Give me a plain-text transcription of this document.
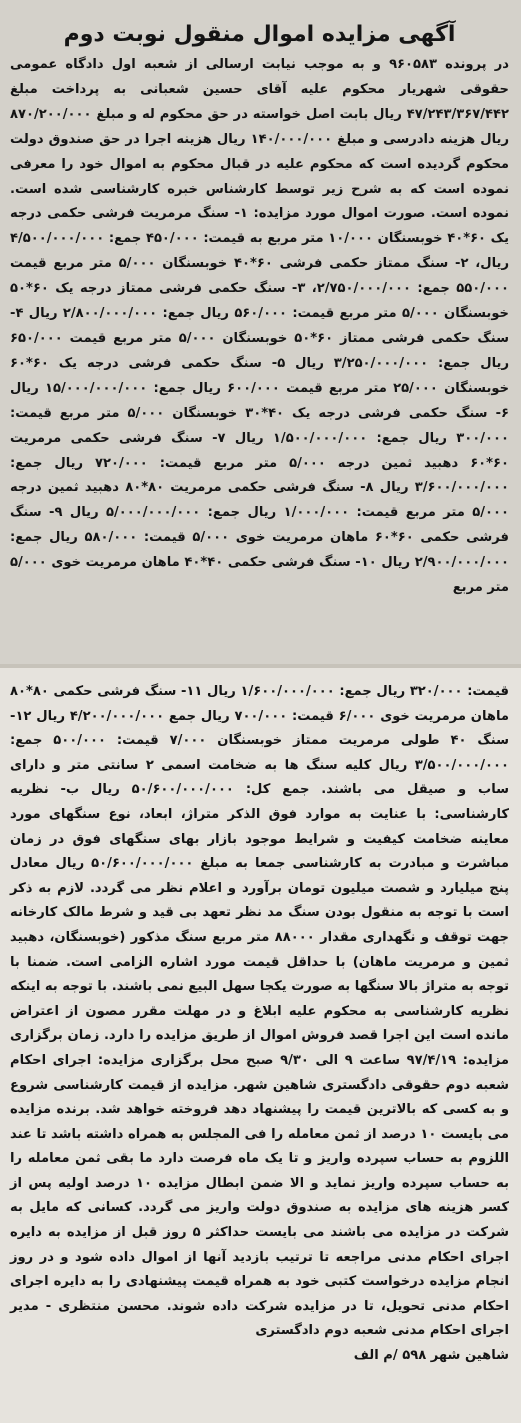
آگهی مزایده اموال منقول نوبت دوم

در پرونده ۹۶۰۵۸۳ و به موجب نیابت ارسالی از شعبه اول دادگاه عمومی حقوقی شهریار محکوم علیه آقای حسین شعبانی به پرداخت مبلغ ۴۷/۲۴۳/۳۶۷/۴۴۲ ریال بابت اصل خواسته در حق محکوم له و مبلغ ۸۷۰/۲۰۰/۰۰۰ ریال هزینه دادرسی و مبلغ ۱۴۰/۰۰۰/۰۰۰ ریال هزینه اجرا در حق صندوق دولت محکوم گردیده است که محکوم علیه در قبال محکوم به اموال خود را معرفی نموده است که به شرح زیر توسط کارشناس خبره کارشناسی شده است. نموده است. صورت اموال مورد مزایده: ۱- سنگ مرمریت فرشی حکمی درجه یک ۶۰*۴۰ خوبسنگان ۱۰/۰۰۰ متر مربع به قیمت: ۴۵۰/۰۰۰ جمع: ۴/۵۰۰/۰۰۰/۰۰۰ ریال، ۲- سنگ ممتاز حکمی فرشی ۶۰*۴۰ خوبسنگان ۵/۰۰۰ متر مربع قیمت ۵۵۰/۰۰۰ جمع: ۲/۷۵۰/۰۰۰/۰۰۰، ۳- سنگ حکمی فرشی ممتاز درجه یک ۶۰*۵۰ خوبسنگان ۵/۰۰۰ متر مربع قیمت: ۵۶۰/۰۰۰ ریال جمع: ۲/۸۰۰/۰۰۰/۰۰۰ ریال ۴- سنگ حکمی فرشی ممتاز ۶۰*۵۰ خوبسنگان ۵/۰۰۰ متر مربع قیمت ۶۵۰/۰۰۰ ریال جمع: ۳/۲۵۰/۰۰۰/۰۰۰ ریال ۵- سنگ حکمی فرشی درجه یک ۶۰*۶۰ خوبسنگان ۲۵/۰۰۰ متر مربع قیمت ۶۰۰/۰۰۰ ریال جمع: ۱۵/۰۰۰/۰۰۰/۰۰۰ ریال ۶- سنگ حکمی فرشی درجه یک ۴۰*۳۰ خوبسنگان ۵/۰۰۰ متر مربع قیمت: ۳۰۰/۰۰۰ ریال جمع: ۱/۵۰۰/۰۰۰/۰۰۰ ریال ۷- سنگ فرشی حکمی مرمریت ۶۰*۶۰ دهبید ثمین درجه ۵/۰۰۰ متر مربع قیمت: ۷۲۰/۰۰۰ ریال جمع: ۳/۶۰۰/۰۰۰/۰۰۰ ریال ۸- سنگ فرشی حکمی مرمریت ۸۰*۸۰ دهبید ثمین درجه ۵/۰۰۰ متر مربع قیمت: ۱/۰۰۰/۰۰۰ ریال جمع: ۵/۰۰۰/۰۰۰/۰۰۰ ریال ۹- سنگ فرشی حکمی ۶۰*۶۰ ماهان مرمریت خوی ۵/۰۰۰ قیمت: ۵۸۰/۰۰۰ ریال جمع: ۲/۹۰۰/۰۰۰/۰۰۰ ریال ۱۰- سنگ فرشی حکمی ۴۰*۴۰ ماهان مرمریت خوی ۵/۰۰۰ متر مربع

قیمت: ۳۲۰/۰۰۰ ریال جمع: ۱/۶۰۰/۰۰۰/۰۰۰ ریال ۱۱- سنگ فرشی حکمی ۸۰*۸۰ ماهان مرمریت خوی ۶/۰۰۰ قیمت: ۷۰۰/۰۰۰ ریال جمع ۴/۲۰۰/۰۰۰/۰۰۰ ریال ۱۲- سنگ ۴۰ طولی مرمریت ممتاز خوبسنگان ۷/۰۰۰ قیمت: ۵۰۰/۰۰۰ جمع: ۳/۵۰۰/۰۰۰/۰۰۰ ریال کلیه سنگ ها به ضخامت اسمی ۲ سانتی متر و دارای ساب و صیقل می باشند. جمع کل: ۵۰/۶۰۰/۰۰۰/۰۰۰ ریال ب- نظریه کارشناسی: با عنایت به موارد فوق الذکر متراژ، ابعاد، نوع سنگهای مورد معاینه ضخامت کیفیت و شرایط موجود بازار بهای سنگهای فوق در زمان مباشرت و مبادرت به کارشناسی جمعا به مبلغ ۵۰/۶۰۰/۰۰۰/۰۰۰ ریال معادل پنج میلیارد و شصت میلیون تومان برآورد و اعلام نظر می گردد. لازم به ذکر است با توجه به منقول بودن سنگ مد نظر تعهد بی قید و شرط مالک کارخانه جهت توقف و نگهداری مقدار ۸۸۰۰۰ متر مربع سنگ مذکور (خوبسنگان، دهبید ثمین و مرمریت ماهان) با حداقل قیمت مورد اشاره الزامی است. ضمنا با توجه به متراژ بالا سنگها به صورت یکجا سهل البیع نمی باشند. با توجه به اینکه نظریه کارشناسی به محکوم علیه ابلاغ و در مهلت مقرر مصون از اعتراض مانده است این اجرا قصد فروش اموال از طریق مزایده را دارد. زمان برگزاری مزایده: ۹۷/۴/۱۹ ساعت ۹ الی ۹/۳۰ صبح محل برگزاری مزایده: اجرای احکام شعبه دوم حقوقی دادگستری شاهین شهر. مزایده از قیمت کارشناسی شروع و به کسی که بالاترین قیمت را پیشنهاد دهد فروخته خواهد شد. برنده مزایده می بایست ۱۰ درصد از ثمن معامله را فی المجلس به همراه داشته باشد تا عند اللزوم به حساب سپرده واریز و تا یک ماه فرصت دارد ما بقی ثمن معامله را به حساب سپرده واریز نماید و الا ضمن ابطال مزایده ۱۰ درصد اولیه پس از کسر هزینه های مزایده به صندوق دولت واریز می گردد. کسانی که مایل به شرکت در مزایده می باشند می بایست حداکثر ۵ روز قبل از مزایده به دایره اجرای احکام مدنی مراجعه تا ترتیب بازدید آنها از اموال داده شود و در روز انجام مزایده درخواست کتبی خود به همراه قیمت پیشنهادی را به دایره اجرای احکام مدنی تحویل، تا در مزایده شرکت داده شوند. محسن منتظری - مدیر اجرای احکام مدنی شعبه دوم دادگستری

شاهین شهر ۵۹۸ /م الف
